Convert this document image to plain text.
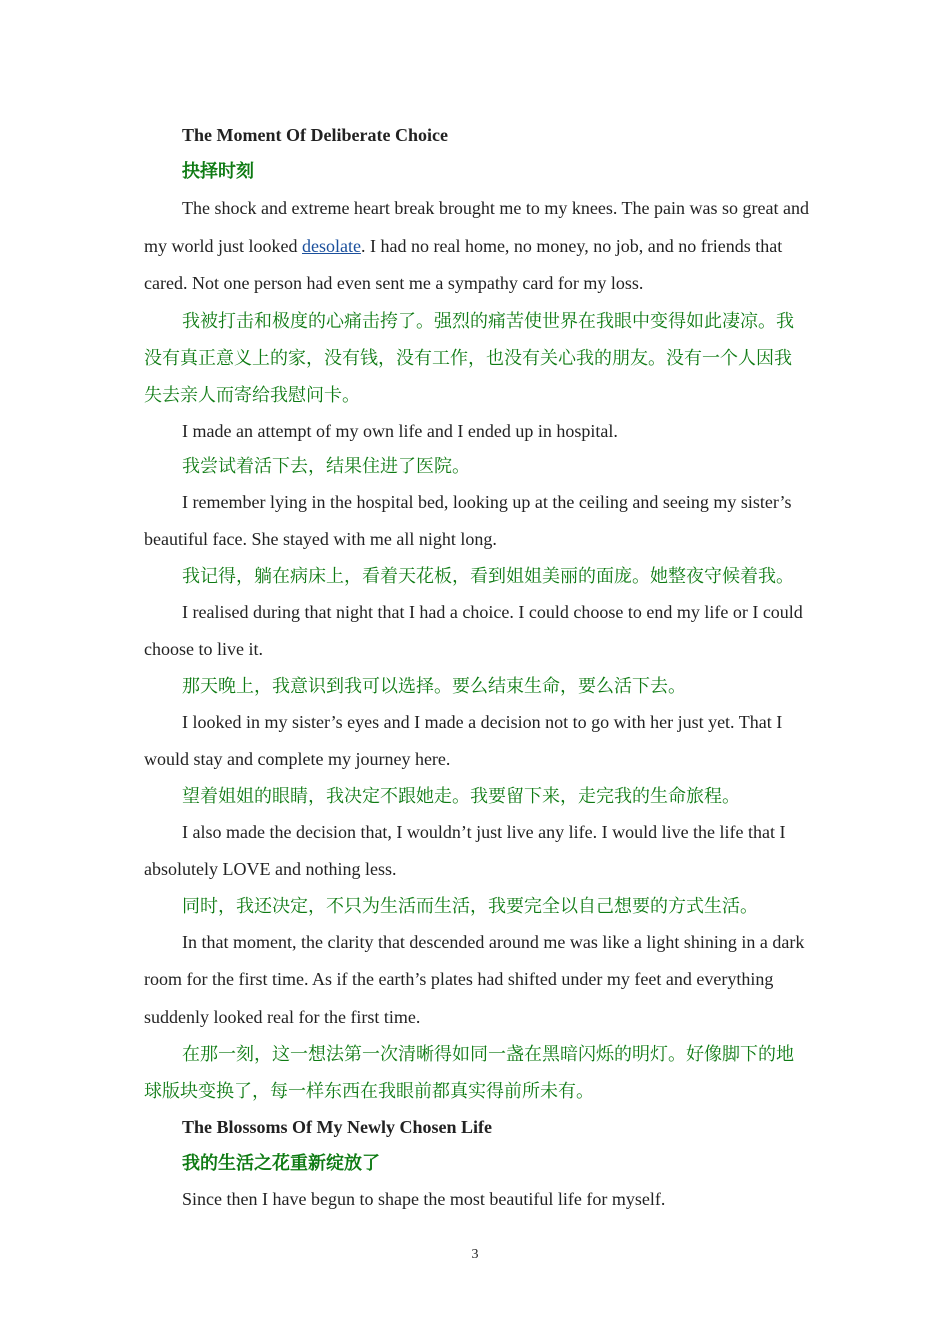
The Moment Of Deliberate Choice

抉择时刻

The shock and extreme heart break brought me to my knees. The pain was so great and my world just looked desolate. I had no real home, no money, no job, and no friends that cared. Not one person had even sent me a sympathy card for my loss.

我被打击和极度的心痛击挎了。强烈的痛苦使世界在我眼中变得如此凄凉。我没有真正意义上的家，没有钱，没有工作，也没有关心我的朋友。没有一个人因我失去亲人而寄给我慰问卡。

I made an attempt of my own life and I ended up in hospital.

我尝试着活下去，结果住进了医院。

I remember lying in the hospital bed, looking up at the ceiling and seeing my sister’s beautiful face. She stayed with me all night long.

我记得，躺在病床上，看着天花板，看到姐姐美丽的面庞。她整夜守候着我。

I realised during that night that I had a choice. I could choose to end my life or I could choose to live it.

那天晚上，我意识到我可以选择。要么结束生命，要么活下去。

I looked in my sister’s eyes and I made a decision not to go with her just yet. That I would stay and complete my journey here.

望着姐姐的眼睛，我决定不跟她走。我要留下来，走完我的生命旅程。

I also made the decision that, I wouldn’t just live any life. I would live the life that I absolutely LOVE and nothing less.

同时，我还决定，不只为生活而生活，我要完全以自己想要的方式生活。

In that moment, the clarity that descended around me was like a light shining in a dark room for the first time. As if the earth’s plates had shifted under my feet and everything suddenly looked real for the first time.

在那一刻，这一想法第一次清晰得如同一盏在黑暗闪烁的明灯。好像脚下的地球版块变换了，每一样东西在我眼前都真实得前所未有。

The Blossoms Of My Newly Chosen Life

我的生活之花重新绽放了

Since then I have begun to shape the most beautiful life for myself.

3
